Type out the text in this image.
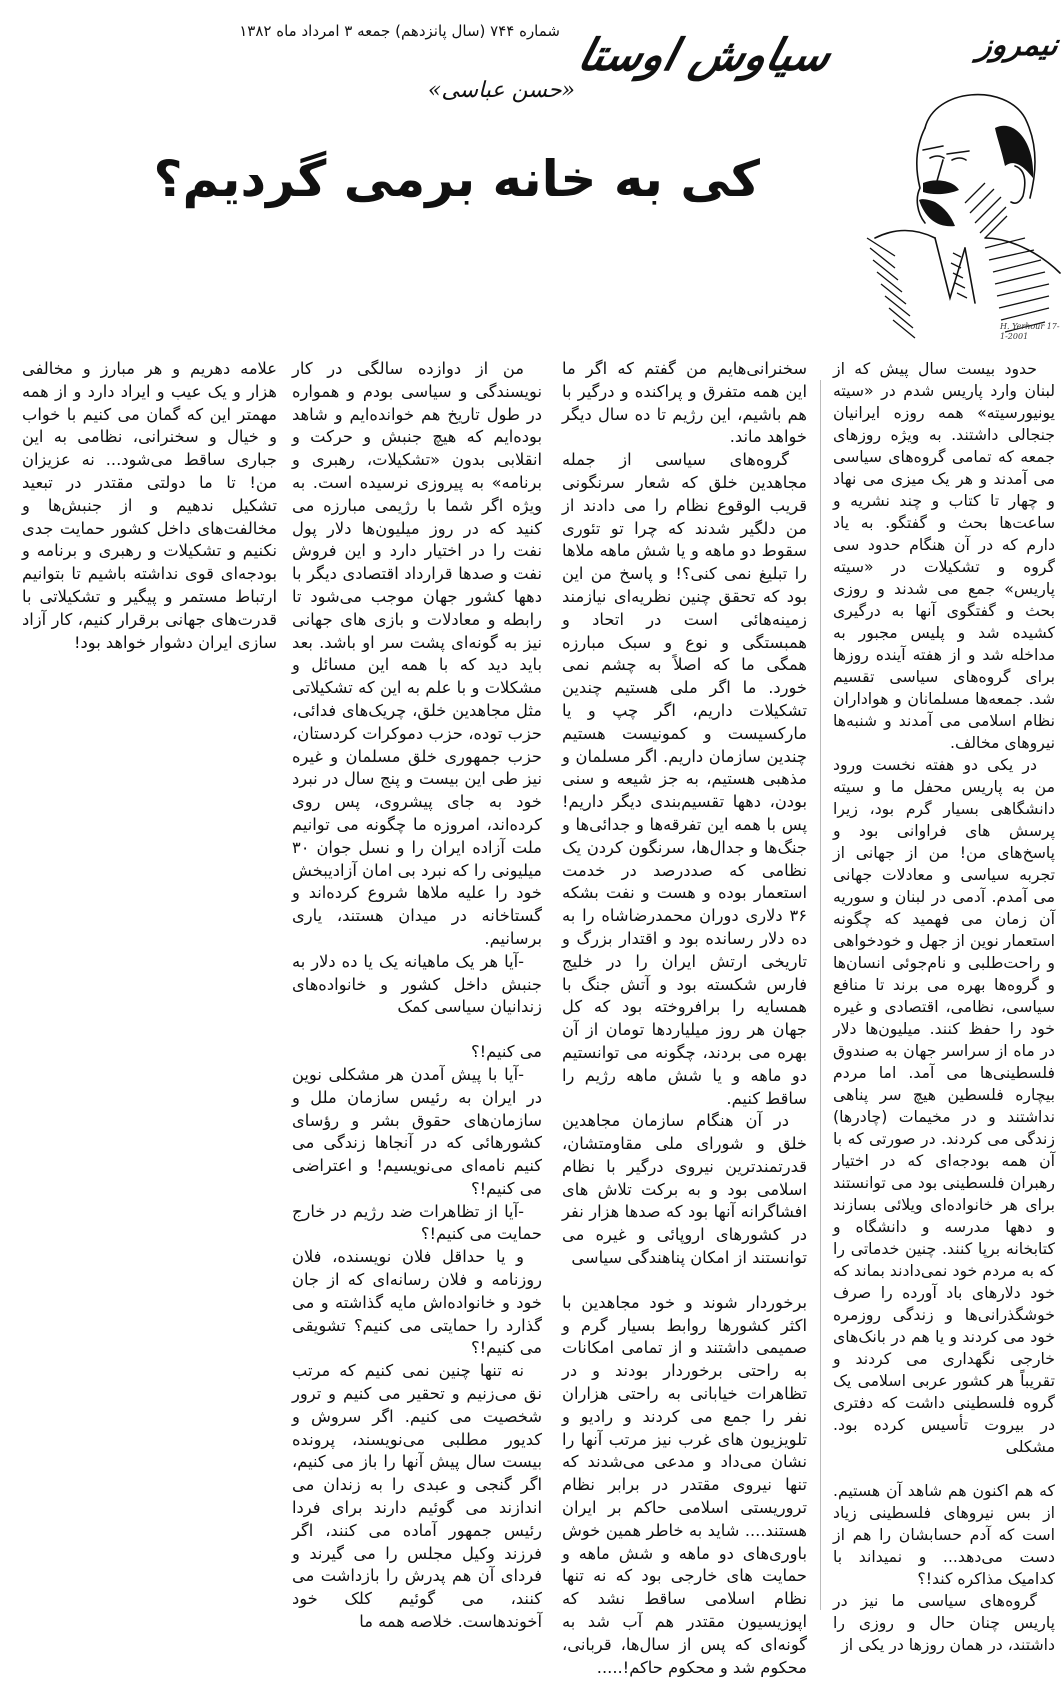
نیمروز
شماره ۷۴۴ (سال پانزدهم) جمعه ۳ امرداد ماه ۱۳۸۲ سیاوش اوستا
«حسن عباسی»
کی به خانه برمی گردیم؟
H. Yerhour 17-1-2001

حدود بیست سال پیش که از لبنان وارد پاریس شدم در «سیته یونیورسیته» همه روزه ایرانیان جنجالی داشتند. به ویژه روزهای جمعه که تمامی گروه‌های سیاسی می آمدند و هر یک میزی می نهاد و چهار تا کتاب و چند نشریه و ساعت‌ها بحث و گفتگو. به یاد دارم که در آن هنگام حدود سی گروه و تشکیلات در «سیته پاریس» جمع می شدند و روزی بحث و گفتگوی آنها به درگیری کشیده شد و پلیس مجبور به مداخله شد و از هفته آینده روزها برای گروه‌های سیاسی تقسیم شد. جمعه‌ها مسلمانان و هواداران نظام اسلامی می آمدند و شنبه‌ها نیروهای مخالف.

در یکی دو هفته نخست ورود من به پاریس محفل ما و سیته دانشگاهی بسیار گرم بود، زیرا پرسش های فراوانی بود و پاسخ‌های من! من از جهانی از تجربه سیاسی و معادلات جهانی می آمدم. آدمی در لبنان و سوریه آن زمان می فهمید که چگونه استعمار نوین از جهل و خودخواهی و راحت‌طلبی و نام‌جوئی انسان‌ها و گروه‌ها بهره می برند تا منافع سیاسی، نظامی، اقتصادی و غیره خود را حفظ کنند. میلیون‌ها دلار در ماه از سراسر جهان به صندوق فلسطینی‌ها می آمد. اما مردم بیچاره فلسطین هیچ سر پناهی نداشتند و در مخیمات (چادرها) زندگی می کردند. در صورتی که با آن همه بودجه‌ای که در اختیار رهبران فلسطینی بود می توانستند برای هر خانواده‌ای ویلائی بسازند و دهها مدرسه و دانشگاه و کتابخانه برپا کنند. چنین خدماتی را که به مردم خود نمی‌دادند بماند که خود دلارهای باد آورده را صرف خوشگذرانی‌ها و زندگی روزمره خود می کردند و یا هم در بانک‌های خارجی نگهداری می کردند و تقریباً هر کشور عربی اسلامی یک گروه فلسطینی داشت که دفتری در بیروت تأسیس کرده بود. مشکلی

که هم اکنون هم شاهد آن هستیم. از بس نیروهای فلسطینی زیاد است که آدم حسابشان را هم از دست می‌دهد... و نمیداند با کدامیک مذاکره کند!؟

گروه‌های سیاسی ما نیز در پاریس چنان حال و روزی را داشتند، در همان روزها در یکی از

سخنرانی‌هایم من گفتم که اگر ما این همه متفرق و پراکنده و درگیر با هم باشیم، این رژیم تا ده سال دیگر خواهد ماند.

گروه‌های سیاسی از جمله مجاهدین خلق که شعار سرنگونی قریب الوقوع نظام را می دادند از من دلگیر شدند که چرا تو تئوری سقوط دو ماهه و یا شش ماهه ملاها را تبلیغ نمی کنی؟! و پاسخ من این بود که تحقق چنین نظریه‌ای نیازمند زمینه‌هائی است در اتحاد و همبستگی و نوع و سبک مبارزه همگی ما که اصلاً به چشم نمی خورد. ما اگر ملی هستیم چندین تشکیلات داریم، اگر چپ و یا مارکسیست و کمونیست هستیم چندین سازمان داریم. اگر مسلمان و مذهبی هستیم، به جز شیعه و سنی بودن، دهها تقسیم‌بندی دیگر داریم! پس با همه این تفرقه‌ها و جدائی‌ها و جنگ‌ها و جدال‌ها، سرنگون کردن یک نظامی که صددرصد در خدمت استعمار بوده و هست و نفت بشکه ۳۶ دلاری دوران محمدرضاشاه را به ده دلار رسانده بود و اقتدار بزرگ و تاریخی ارتش ایران را در خلیج فارس شکسته بود و آتش جنگ با همسایه را برافروخته بود که کل جهان هر روز میلیاردها تومان از آن بهره می بردند، چگونه می توانستیم دو ماهه و یا شش ماهه رژیم را ساقط کنیم.

در آن هنگام سازمان مجاهدین خلق و شورای ملی مقاومتشان، قدرتمندترین نیروی درگیر با نظام اسلامی بود و به برکت تلاش های افشاگرانه آنها بود که صدها هزار نفر در کشورهای اروپائی و غیره می توانستند از امکان پناهندگی سیاسی

برخوردار شوند و خود مجاهدین با اکثر کشورها روابط بسیار گرم و صمیمی داشتند و از تمامی امکانات به راحتی برخوردار بودند و در تظاهرات خیابانی به راحتی هزاران نفر را جمع می کردند و رادیو و تلویزیون های غرب نیز مرتب آنها را نشان می‌داد و مدعی می‌شدند که تنها نیروی مقتدر در برابر نظام تروریستی اسلامی حاکم بر ایران هستند.... شاید به خاطر همین خوش باوری‌های دو ماهه و شش ماهه و حمایت های خارجی بود که نه تنها نظام اسلامی ساقط نشد که اپوزیسیون مقتدر هم آب شد به گونه‌ای که پس از سال‌ها، قربانی، محکوم شد و محکوم حاکم!.....

من از دوازده سالگی در کار نویسندگی و سیاسی بودم و همواره در طول تاریخ هم خوانده‌ایم و شاهد بوده‌ایم که هیچ جنبش و حرکت و انقلابی بدون «تشکیلات، رهبری و برنامه» به پیروزی نرسیده است. به ویژه اگر شما با رژیمی مبارزه می کنید که در روز میلیون‌ها دلار پول نفت را در اختیار دارد و این فروش نفت و صدها قرارداد اقتصادی دیگر با دهها کشور جهان موجب می‌شود تا رابطه و معادلات و بازی های جهانی نیز به گونه‌ای پشت سر او باشد. بعد باید دید که با همه این مسائل و مشکلات و با علم به این که تشکیلاتی مثل مجاهدین خلق، چریک‌های فدائی، حزب توده، حزب دموکرات کردستان، حزب جمهوری خلق مسلمان و غیره نیز طی این بیست و پنج سال در نبرد خود به جای پیشروی، پس روی کرده‌اند، امروزه ما چگونه می توانیم ملت آزاده ایران را و نسل جوان ۳۰ میلیونی را که نبرد بی امان آزادیبخش خود را علیه ملاها شروع کرده‌اند و گستاخانه در میدان هستند، یاری برسانیم.

-آیا هر یک ماهیانه یک یا ده دلار به جنبش داخل کشور و خانواده‌های زندانیان سیاسی کمک

می کنیم!؟

-آیا با پیش آمدن هر مشکلی نوین در ایران به رئیس سازمان ملل و سازمان‌های حقوق بشر و رؤسای کشورهائی که در آنجاها زندگی می کنیم نامه‌ای می‌نویسیم! و اعتراضی می کنیم!؟

-آیا از تظاهرات ضد رژیم در خارج حمایت می کنیم!؟

و یا حداقل فلان نویسنده، فلان روزنامه و فلان رسانه‌ای که از جان خود و خانواده‌اش مایه گذاشته و می گذارد را حمایتی می کنیم؟ تشویقی می کنیم!؟

نه تنها چنین نمی کنیم که مرتب نق می‌زنیم و تحقیر می کنیم و ترور شخصیت می کنیم. اگر سروش و کدیور مطلبی می‌نویسند، پرونده بیست سال پیش آنها را باز می کنیم، اگر گنجی و عبدی را به زندان می اندازند می گوئیم دارند برای فردا رئیس جمهور آماده می کنند، اگر فرزند وکیل مجلس را می گیرند و فردای آن هم پدرش را بازداشت می کنند، می گوئیم کلک خود آخوندهاست. خلاصه همه ما

علامه دهریم و هر مبارز و مخالفی هزار و یک عیب و ایراد دارد و از همه مهمتر این که گمان می کنیم با خواب و خیال و سخنرانی، نظامی به این جباری ساقط می‌شود... نه عزیزان من! تا ما دولتی مقتدر در تبعید تشکیل ندهیم و از جنبش‌ها و مخالفت‌های داخل کشور حمایت جدی نکنیم و تشکیلات و رهبری و برنامه و بودجه‌ای قوی نداشته باشیم تا بتوانیم ارتباط مستمر و پیگیر و تشکیلاتی با قدرت‌های جهانی برقرار کنیم، کار آزاد سازی ایران دشوار خواهد بود!
